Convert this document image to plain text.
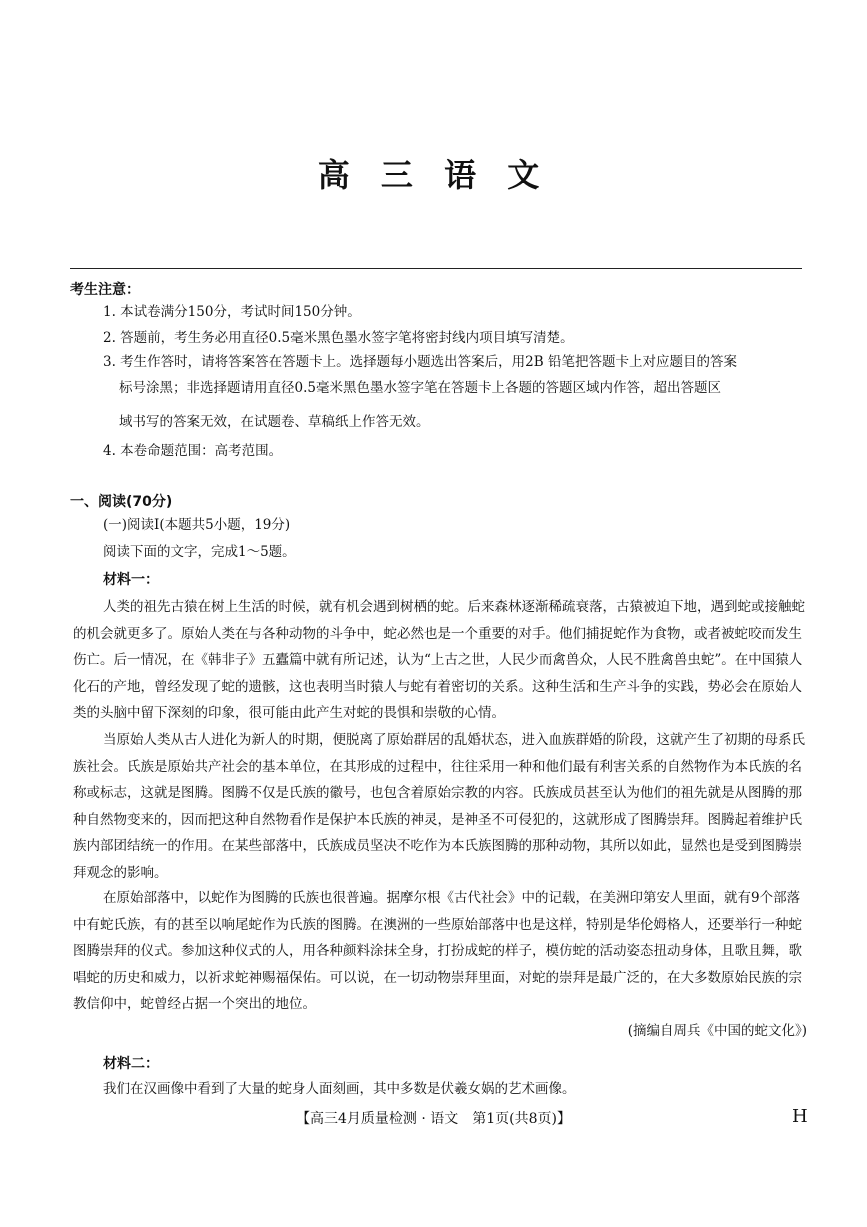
高 三 语 文
考生注意：
1. 本试卷满分150分，考试时间150分钟。
2. 答题前，考生务必用直径0.5毫米黑色墨水签字笔将密封线内项目填写清楚。
3. 考生作答时，请将答案答在答题卡上。选择题每小题选出答案后，用2B 铅笔把答题卡上对应题目的答案
标号涂黑；非选择题请用直径0.5毫米黑色墨水签字笔在答题卡上各题的答题区域内作答，超出答题区
域书写的答案无效，在试题卷、草稿纸上作答无效。
4. 本卷命题范围：高考范围。
一、阅读(70分)
(一)阅读Ⅰ(本题共5小题，19分)
阅读下面的文字，完成1～5题。
材料一：
人类的祖先古猿在树上生活的时候，就有机会遇到树栖的蛇。后来森林逐渐稀疏衰落，古猿被迫下地，遇到蛇或接触蛇的机会就更多了。原始人类在与各种动物的斗争中，蛇必然也是一个重要的对手。他们捕捉蛇作为食物，或者被蛇咬而发生伤亡。后一情况，在《韩非子》五蠹篇中就有所记述，认为“上古之世，人民少而禽兽众，人民不胜禽兽虫蛇”。在中国猿人化石的产地，曾经发现了蛇的遗骸，这也表明当时猿人与蛇有着密切的关系。这种生活和生产斗争的实践，势必会在原始人类的头脑中留下深刻的印象，很可能由此产生对蛇的畏惧和崇敬的心情。
当原始人类从古人进化为新人的时期，便脱离了原始群居的乱婚状态，进入血族群婚的阶段，这就产生了初期的母系氏族社会。氏族是原始共产社会的基本单位，在其形成的过程中，往往采用一种和他们最有利害关系的自然物作为本氏族的名称或标志，这就是图腾。图腾不仅是氏族的徽号，也包含着原始宗教的内容。氏族成员甚至认为他们的祖先就是从图腾的那种自然物变来的，因而把这种自然物看作是保护本氏族的神灵，是神圣不可侵犯的，这就形成了图腾崇拜。图腾起着维护氏族内部团结统一的作用。在某些部落中，氏族成员坚决不吃作为本氏族图腾的那种动物，其所以如此，显然也是受到图腾崇拜观念的影响。
在原始部落中，以蛇作为图腾的氏族也很普遍。据摩尔根《古代社会》中的记载，在美洲印第安人里面，就有9个部落中有蛇氏族，有的甚至以响尾蛇作为氏族的图腾。在澳洲的一些原始部落中也是这样，特别是华伦姆格人，还要举行一种蛇图腾崇拜的仪式。参加这种仪式的人，用各种颜料涂抹全身，打扮成蛇的样子，模仿蛇的活动姿态扭动身体，且歌且舞，歌唱蛇的历史和威力，以祈求蛇神赐福保佑。可以说，在一切动物崇拜里面，对蛇的崇拜是最广泛的，在大多数原始民族的宗教信仰中，蛇曾经占据一个突出的地位。
(摘编自周兵《中国的蛇文化》)
材料二：
我们在汉画像中看到了大量的蛇身人面刻画，其中多数是伏羲女娲的艺术画像。
【高三4月质量检测 · 语文　第1页(共8页)】	H
